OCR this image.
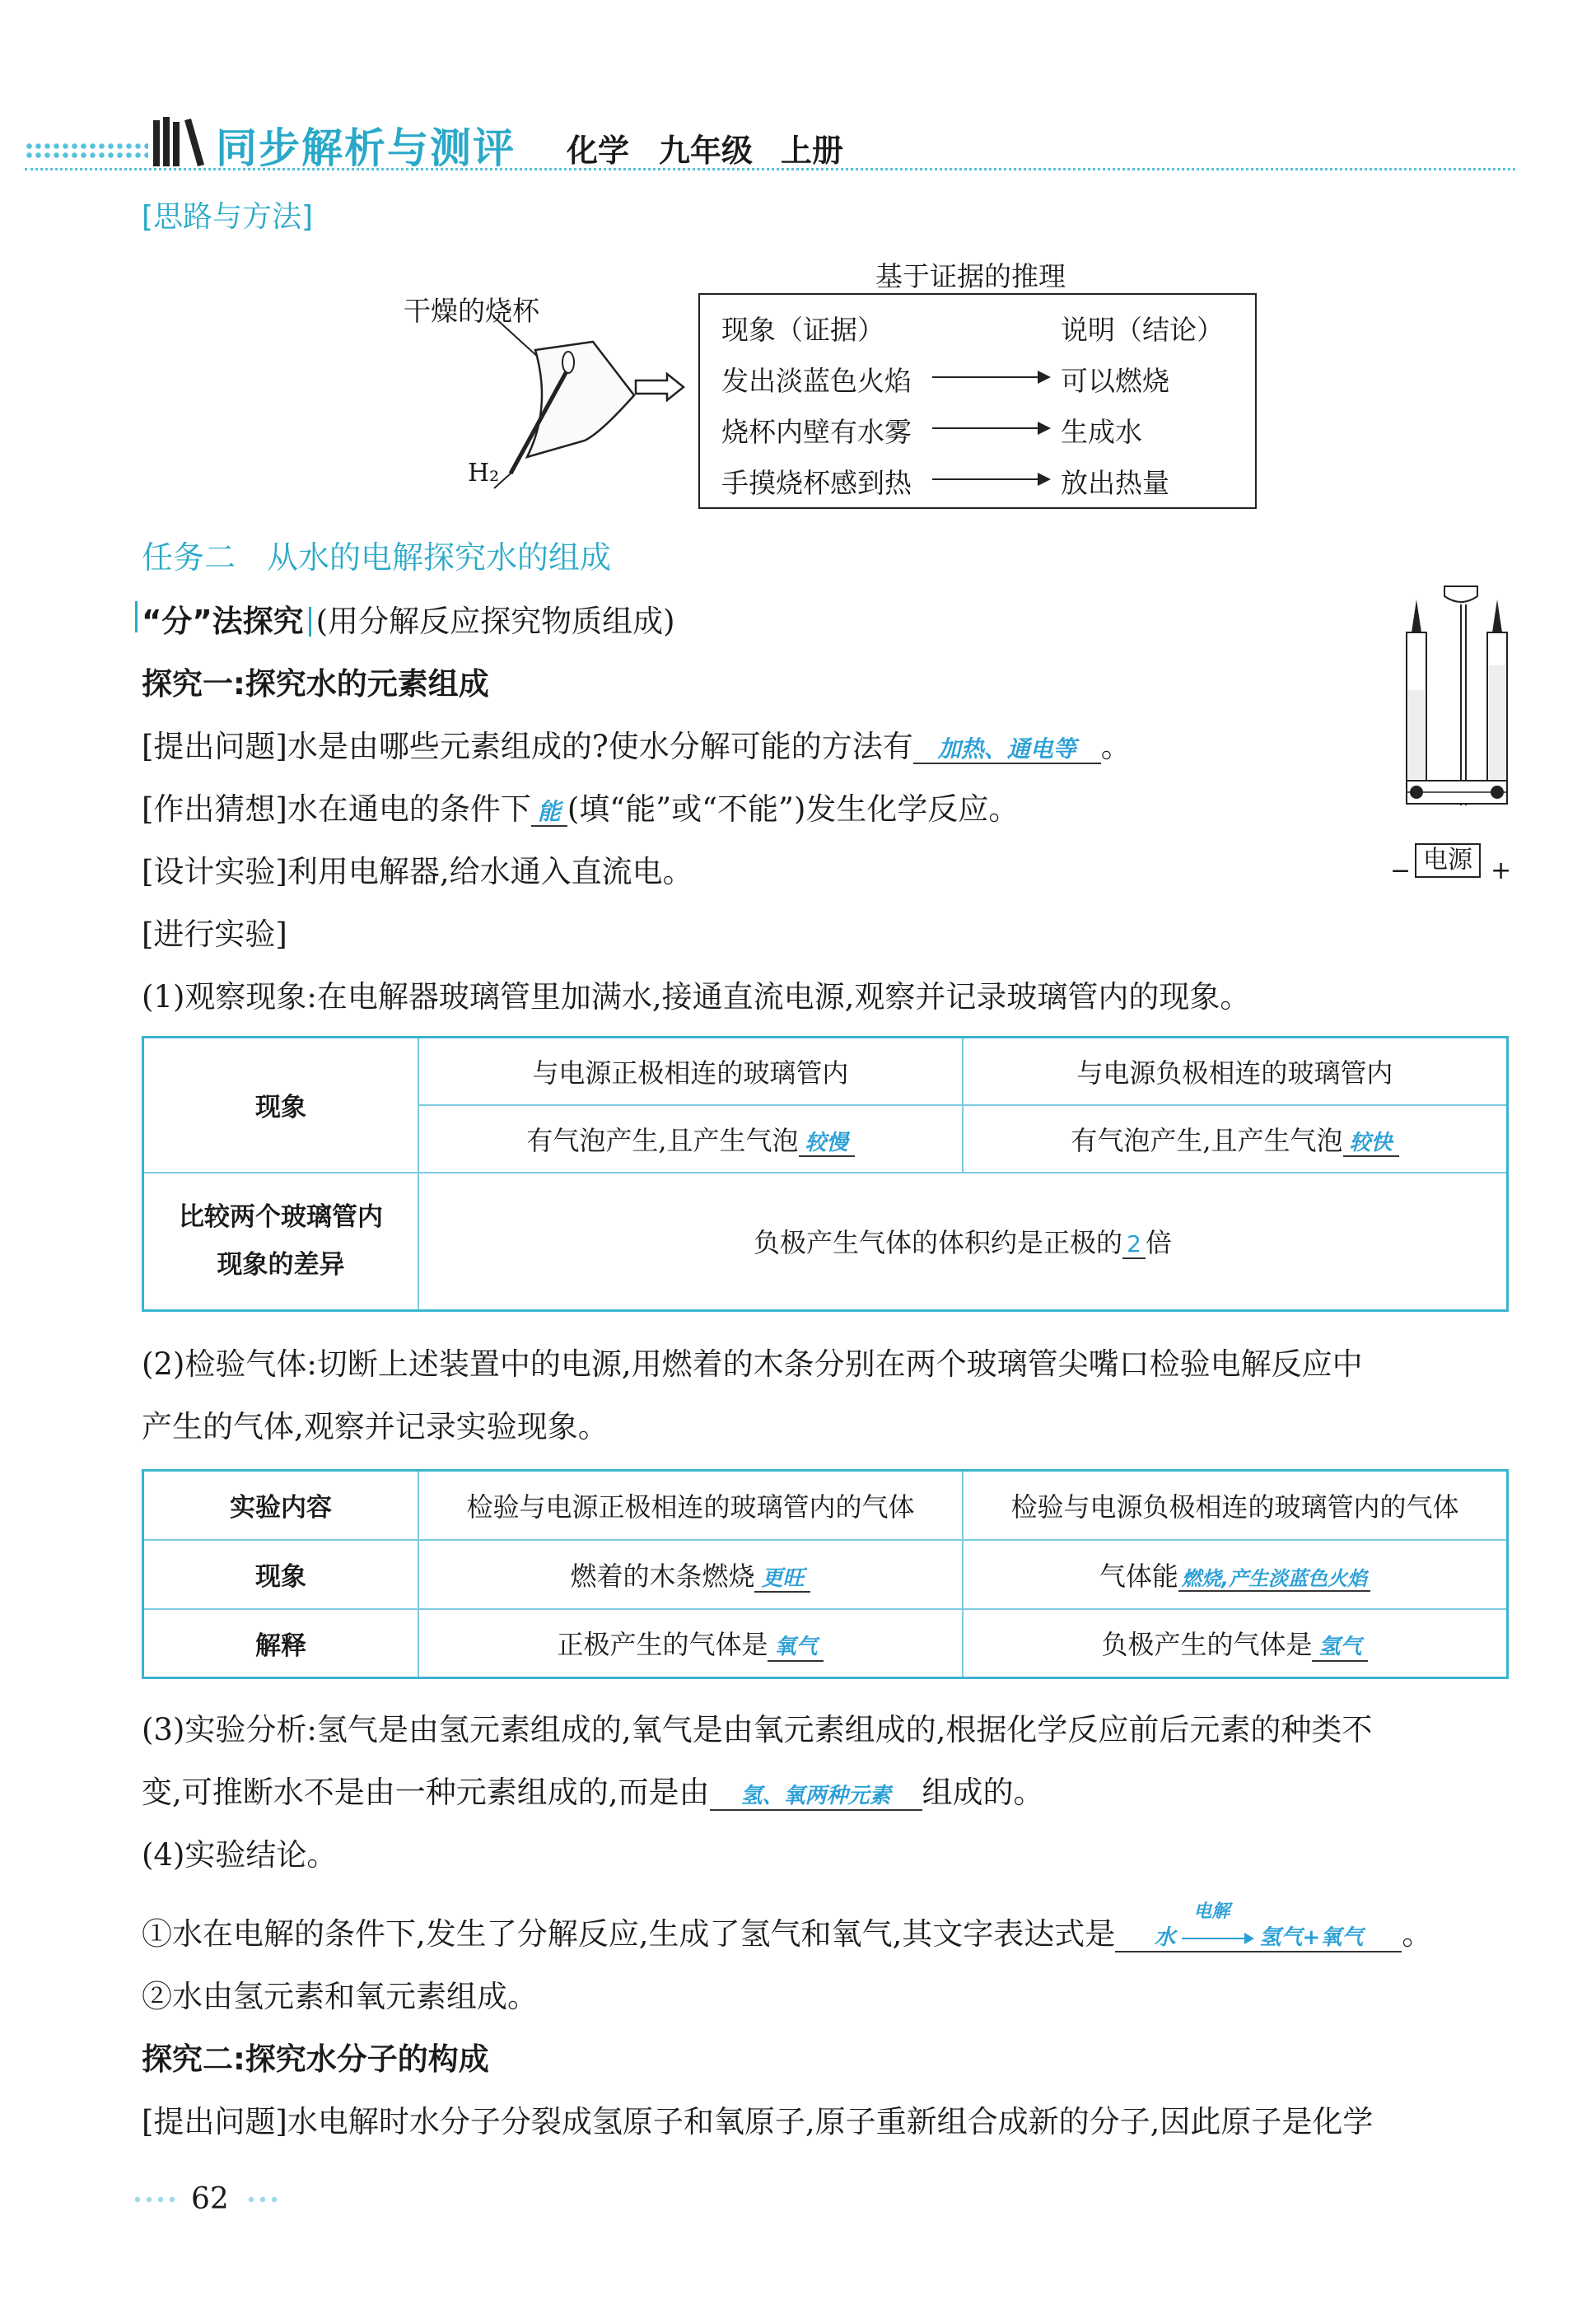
同步解析与测评 化学 九年级 上册
[思路与方法]
干燥的烧杯
H₂
基于证据的推理
现象（证据）	说明（结论）
发出淡蓝色火焰	可以燃烧
烧杯内壁有水雾	生成水
手摸烧杯感到热	放出热量
任务二　从水的电解探究水的组成
“分”法探究 (用分解反应探究物质组成)
探究一:探究水的元素组成
[提出问题]水是由哪些元素组成的?使水分解可能的方法有 加热、通电等 。
[作出猜想]水在通电的条件下 能 (填“能”或“不能”)发生化学反应。
[设计实验]利用电解器,给水通入直流电。
[进行实验]
电源
−	+
(1)观察现象:在电解器玻璃管里加满水,接通直流电源,观察并记录玻璃管内的现象。
现象	与电源正极相连的玻璃管内	与电源负极相连的玻璃管内
	有气泡产生,且产生气泡 较慢	有气泡产生,且产生气泡 较快

比较两个玻璃管内
现象的差异	负极产生气体的体积约是正极的 2 倍	
(2)检验气体:切断上述装置中的电源,用燃着的木条分别在两个玻璃管尖嘴口检验电解反应中
产生的气体,观察并记录实验现象。
实验内容	检验与电源正极相连的玻璃管内的气体	检验与电源负极相连的玻璃管内的气体
现象	燃着的木条燃烧 更旺	气体能 燃烧,产生淡蓝色火焰
解释	正极产生的气体是 氧气	负极产生的气体是 氢气
(3)实验分析:氢气是由氢元素组成的,氧气是由氧元素组成的,根据化学反应前后元素的种类不
变,可推断水不是由一种元素组成的,而是由 氢、氧两种元素 组成的。
(4)实验结论。
①水在电解的条件下,发生了分解反应,生成了氢气和氧气,其文字表达式是 水
电解
氢气+氧气 。
②水由氢元素和氧元素组成。
探究二:探究水分子的构成
[提出问题]水电解时水分子分裂成氢原子和氧原子,原子重新组合成新的分子,因此原子是化学
62
